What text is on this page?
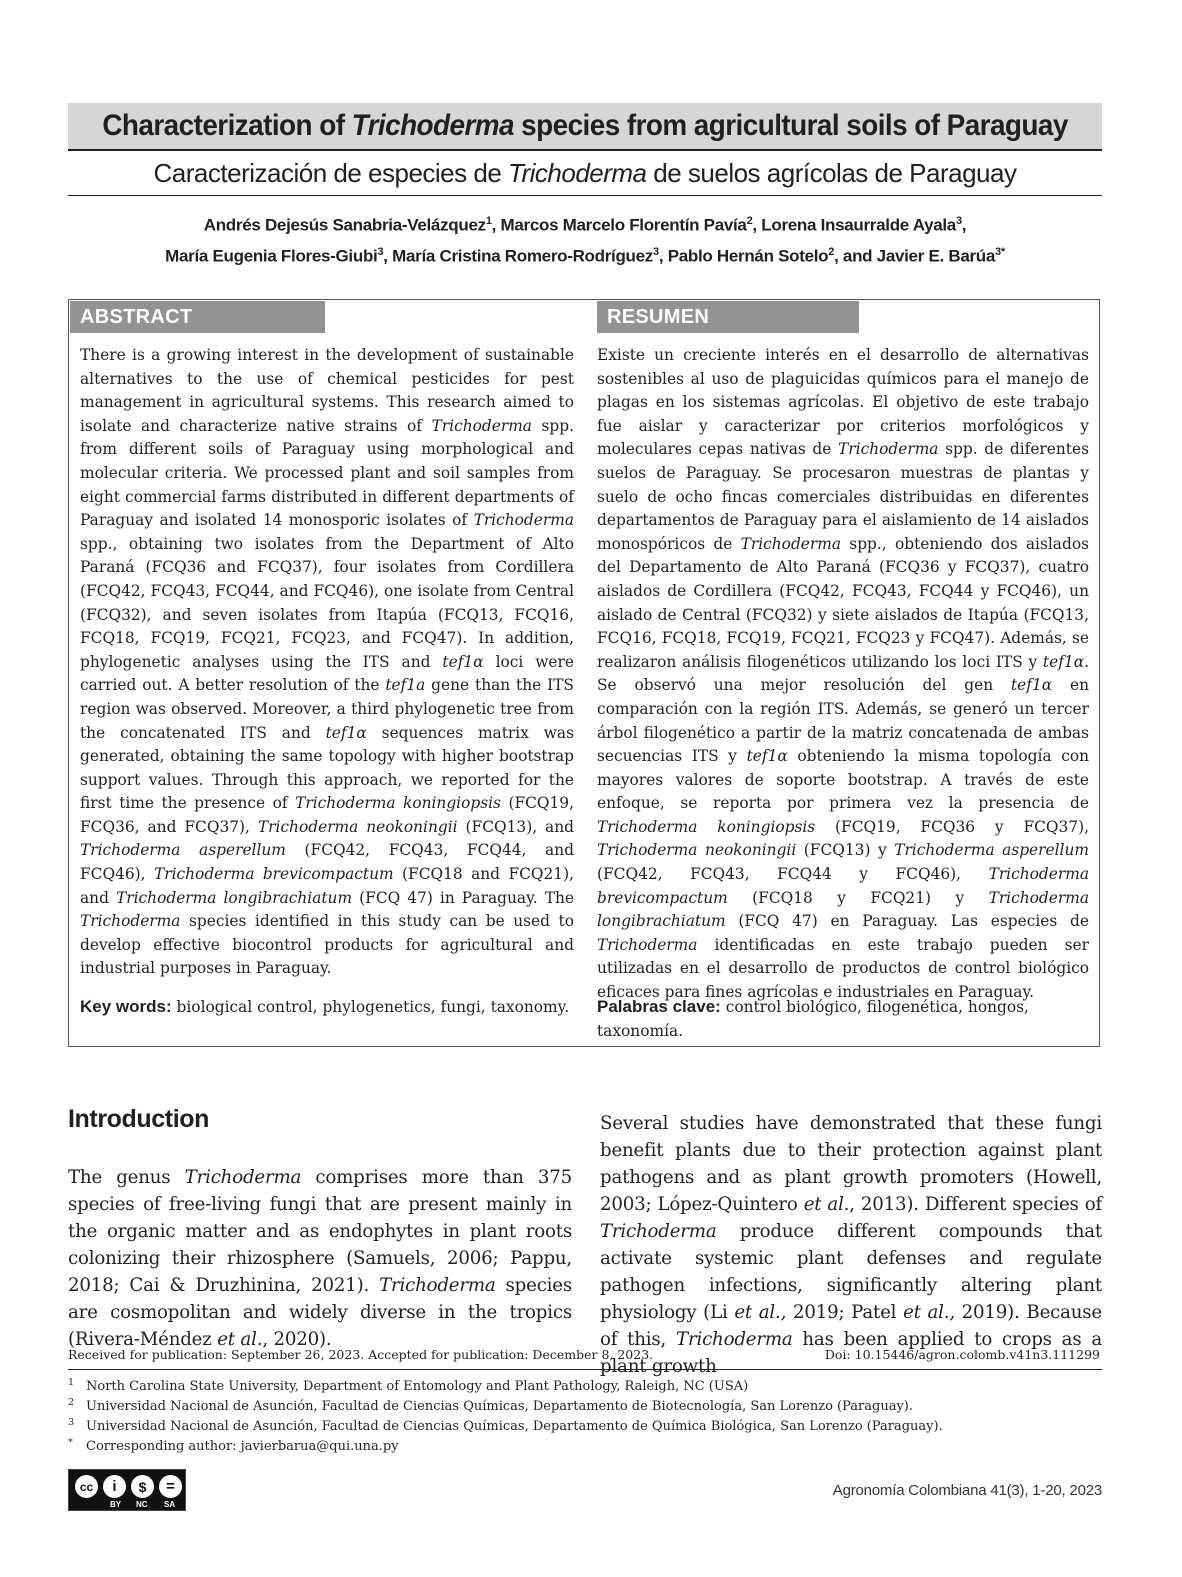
Characterization of Trichoderma species from agricultural soils of Paraguay

Caracterización de especies de Trichoderma de suelos agrícolas de Paraguay

Andrés Dejesús Sanabria-Velázquez$^1$, Marcos Marcelo Florentín Pavía$^2$, Lorena Insaurralde Ayala$^3$,
María Eugenia Flores-Giubi$^3$, María Cristina Romero-Rodríguez$^3$, Pablo Hernán Sotelo$^2$, and Javier E. Barúa$^{3*}$
ABSTRACT	RESUMEN
There is a growing interest in the development of sustainable alternatives to the use of chemical pesticides for pest management in agricultural systems. This research aimed to isolate and characterize native strains of Trichoderma spp. from different soils of Paraguay using morphological and molecular criteria. We processed plant and soil samples from eight commercial farms distributed in different departments of Paraguay and isolated 14 monosporic isolates of Trichoderma spp., obtaining two isolates from the Department of Alto Paraná (FCQ36 and FCQ37), four isolates from Cordillera (FCQ42, FCQ43, FCQ44, and FCQ46), one isolate from Central (FCQ32), and seven isolates from Itapúa (FCQ13, FCQ16, FCQ18, FCQ19, FCQ21, FCQ23, and FCQ47). In addition, phylogenetic analyses using the ITS and tef1α loci were carried out. A better resolution of the tef1a gene than the ITS region was observed. Moreover, a third phylogenetic tree from the concatenated ITS and tef1α sequences matrix was generated, obtaining the same topology with higher bootstrap support values. Through this approach, we reported for the first time the presence of Trichoderma koningiopsis (FCQ19, FCQ36, and FCQ37), Trichoderma neokoningii (FCQ13), and Trichoderma asperellum (FCQ42, FCQ43, FCQ44, and FCQ46), Trichoderma brevicompactum (FCQ18 and FCQ21), and Trichoderma longibrachiatum (FCQ 47) in Paraguay. The Trichoderma species identified in this study can be used to develop effective biocontrol products for agricultural and industrial purposes in Paraguay.
Existe un creciente interés en el desarrollo de alternativas sostenibles al uso de plaguicidas químicos para el manejo de plagas en los sistemas agrícolas. El objetivo de este trabajo fue aislar y caracterizar por criterios morfológicos y moleculares cepas nativas de Trichoderma spp. de diferentes suelos de Paraguay. Se procesaron muestras de plantas y suelo de ocho fincas comerciales distribuidas en diferentes departamentos de Paraguay para el aislamiento de 14 aislados monospóricos de Trichoderma spp., obteniendo dos aislados del Departamento de Alto Paraná (FCQ36 y FCQ37), cuatro aislados de Cordillera (FCQ42, FCQ43, FCQ44 y FCQ46), un aislado de Central (FCQ32) y siete aislados de Itapúa (FCQ13, FCQ16, FCQ18, FCQ19, FCQ21, FCQ23 y FCQ47). Además, se realizaron análisis filogenéticos utilizando los loci ITS y tef1α. Se observó una mejor resolución del gen tef1α en comparación con la región ITS. Además, se generó un tercer árbol filogenético a partir de la matriz concatenada de ambas secuencias ITS y tef1α obteniendo la misma topología con mayores valores de soporte bootstrap. A través de este enfoque, se reporta por primera vez la presencia de Trichoderma koningiopsis (FCQ19, FCQ36 y FCQ37), Trichoderma neokoningii (FCQ13) y Trichoderma asperellum (FCQ42, FCQ43, FCQ44 y FCQ46), Trichoderma brevicompactum (FCQ18 y FCQ21) y Trichoderma longibrachiatum (FCQ 47) en Paraguay. Las especies de Trichoderma identificadas en este trabajo pueden ser utilizadas en el desarrollo de productos de control biológico eficaces para fines agrícolas e industriales en Paraguay.
Key words: biological control, phylogenetics, fungi, taxonomy. Palabras clave: control biológico, filogenética, hongos, taxonomía.
Introduction

The genus Trichoderma comprises more than 375 species of free-living fungi that are present mainly in the organic matter and as endophytes in plant roots colonizing their rhizosphere (Samuels, 2006; Pappu, 2018; Cai & Druzhinina, 2021). Trichoderma species are cosmopolitan and widely diverse in the tropics (Rivera-Méndez et al., 2020).

Several studies have demonstrated that these fungi benefit plants due to their protection against plant pathogens and as plant growth promoters (Howell, 2003; López-Quintero et al., 2013). Different species of Trichoderma produce different compounds that activate systemic plant defenses and regulate pathogen infections, significantly altering plant physiology (Li et al., 2019; Patel et al., 2019). Because of this, Trichoderma has been applied to crops as a plant growth

Received for publication: September 26, 2023. Accepted for publication: December 8, 2023.	Doi: 10.15446/agron.colomb.v41n3.111299
1 North Carolina State University, Department of Entomology and Plant Pathology, Raleigh, NC (USA)
2 Universidad Nacional de Asunción, Facultad de Ciencias Químicas, Departamento de Biotecnología, San Lorenzo (Paraguay).
3 Universidad Nacional de Asunción, Facultad de Ciencias Químicas, Departamento de Química Biológica, San Lorenzo (Paraguay).
* Corresponding author: javierbarua@qui.una.py
cc	i	$	=
BY NC SA
Agronomía Colombiana 41(3), 1-20, 2023
